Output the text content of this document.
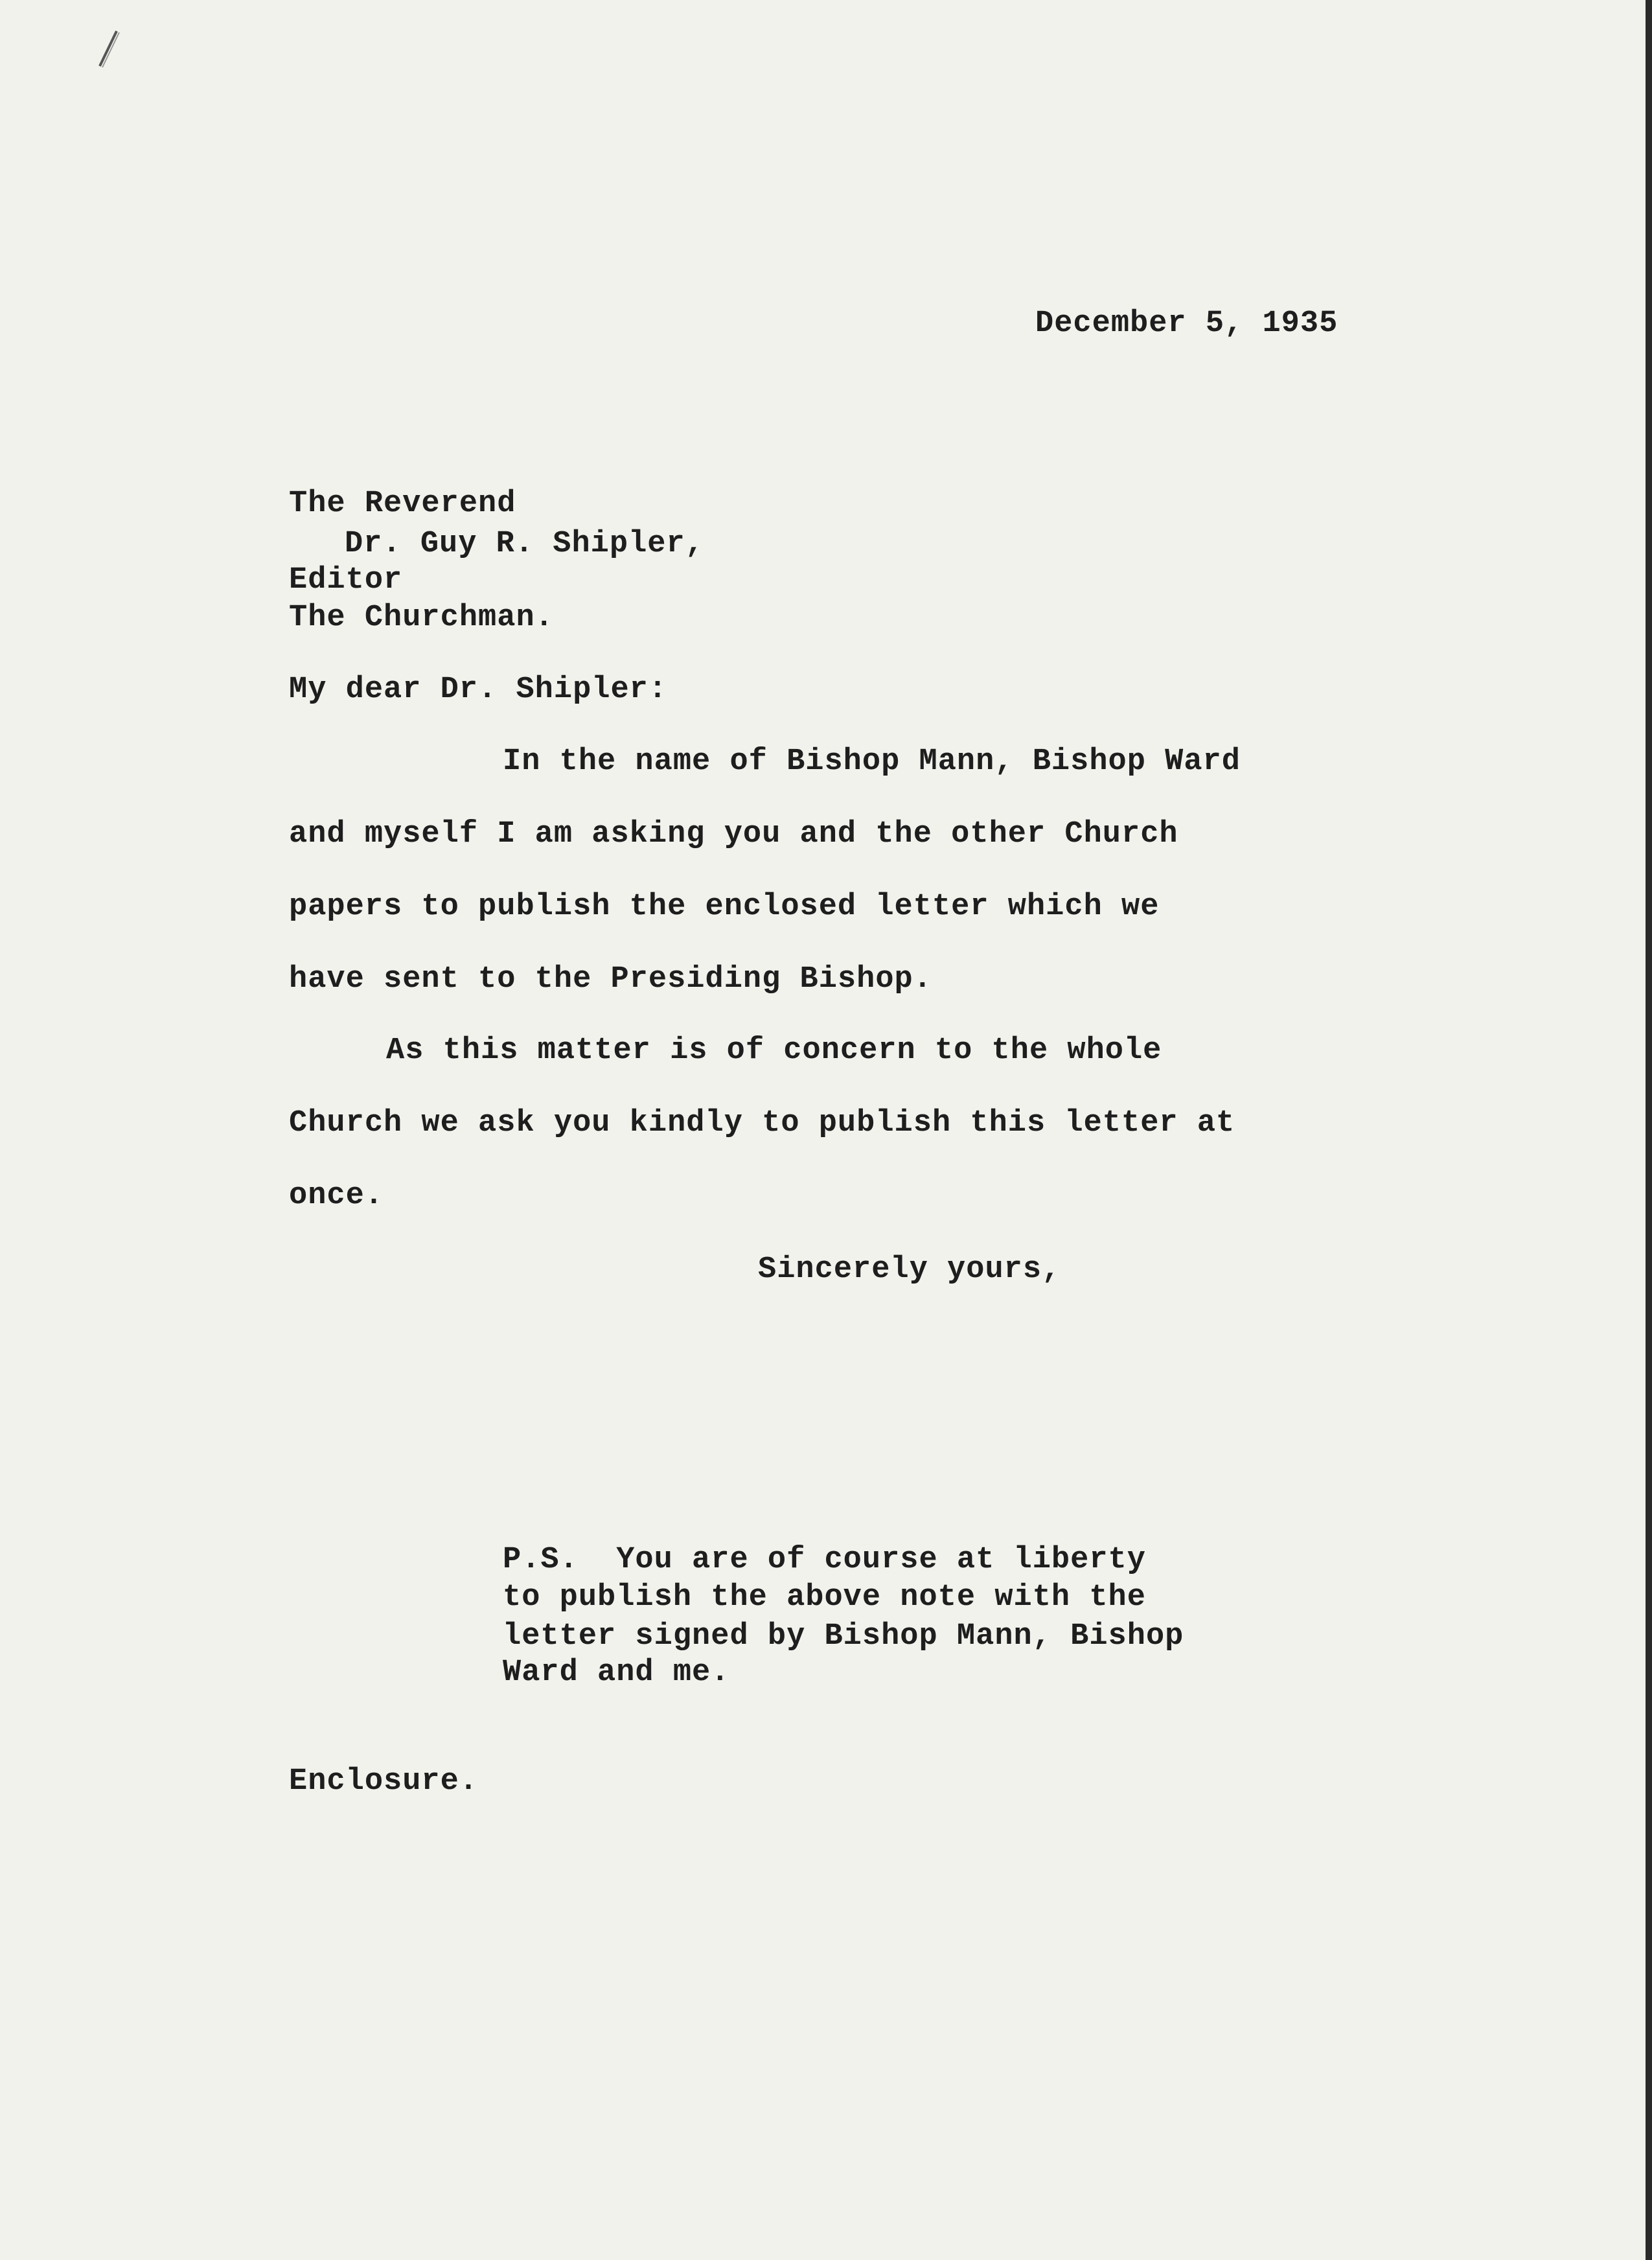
December 5, 1935
The Reverend
Dr. Guy R. Shipler,
Editor
The Churchman.
My dear Dr. Shipler:
In the name of Bishop Mann, Bishop Ward
and myself I am asking you and the other Church
papers to publish the enclosed letter which we
have sent to the Presiding Bishop.
As this matter is of concern to the whole
Church we ask you kindly to publish this letter at
once.
Sincerely yours,
P.S.  You are of course at liberty
to publish the above note with the
letter signed by Bishop Mann, Bishop
Ward and me.
Enclosure.
